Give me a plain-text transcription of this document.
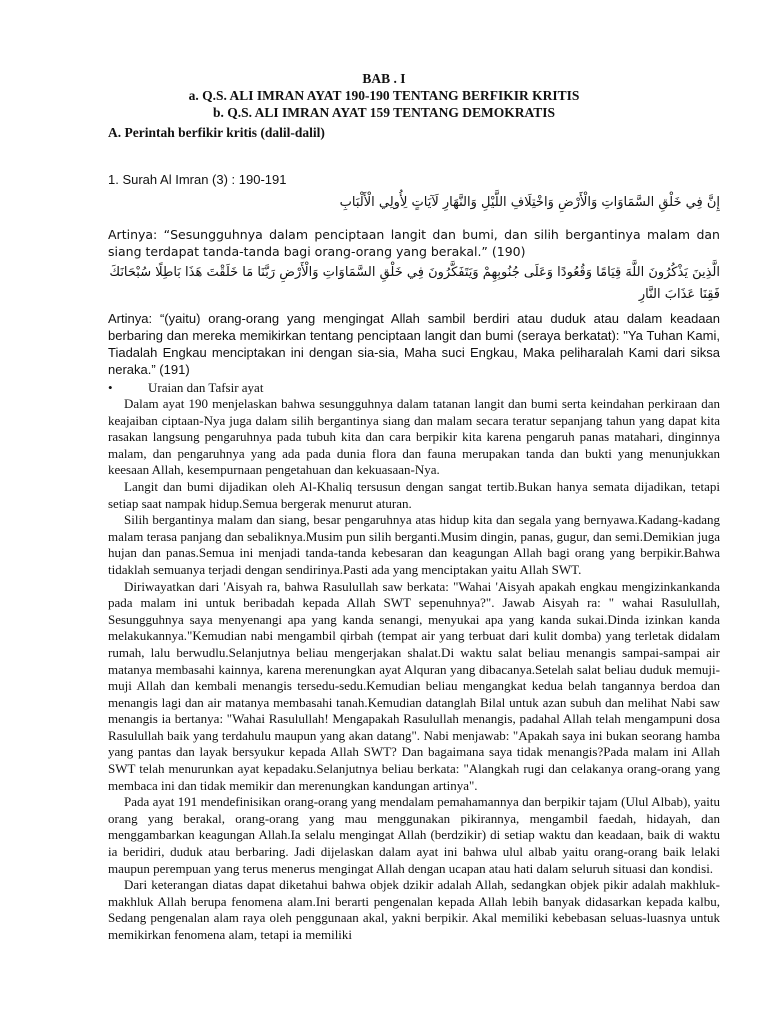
BAB . I
a. Q.S. ALI IMRAN AYAT 190-190 TENTANG BERFIKIR KRITIS
b. Q.S. ALI IMRAN AYAT 159 TENTANG DEMOKRATIS
A. Perintah berfikir kritis (dalil-dalil)
1. Surah Al Imran (3) : 190-191
إِنَّ فِي خَلْقِ السَّمَاوَاتِ وَالْأَرْضِ وَاخْتِلَافِ اللَّيْلِ وَالنَّهَارِ لَآيَاتٍ لِأُولِي الْأَلْبَابِ
Artinya: “Sesungguhnya dalam penciptaan langit dan bumi, dan silih bergantinya malam dan siang terdapat tanda-tanda bagi orang-orang yang berakal.” (190)
الَّذِينَ يَذْكُرُونَ اللَّهَ قِيَامًا وَقُعُودًا وَعَلَى جُنُوبِهِمْ وَيَتَفَكَّرُونَ فِي خَلْقِ السَّمَاوَاتِ وَالْأَرْضِ رَبَّنَا مَا خَلَقْتَ هَذَا بَاطِلًا سُبْحَانَكَ فَقِنَا عَذَابَ النَّارِ
Artinya: “(yaitu) orang-orang yang mengingat Allah sambil berdiri atau duduk atau dalam keadaan berbaring dan mereka memikirkan tentang penciptaan langit dan bumi (seraya berkatat): "Ya Tuhan Kami, Tiadalah Engkau menciptakan ini dengan sia-sia, Maha suci Engkau, Maka peliharalah Kami dari siksa neraka.” (191)
•	Uraian dan Tafsir ayat

Dalam ayat 190 menjelaskan bahwa sesungguhnya dalam tatanan langit dan bumi serta keindahan perkiraan dan keajaiban ciptaan-Nya juga dalam silih bergantinya siang dan malam secara teratur sepanjang tahun yang dapat kita rasakan langsung pengaruhnya pada tubuh kita dan cara berpikir kita karena pengaruh panas matahari, dinginnya malam, dan pengaruhnya yang ada pada dunia flora dan fauna merupakan tanda dan bukti yang menunjukkan keesaan Allah, kesempurnaan pengetahuan dan kekuasaan-Nya.

Langit dan bumi dijadikan oleh Al-Khaliq tersusun dengan sangat tertib.Bukan hanya semata dijadikan, tetapi setiap saat nampak hidup.Semua bergerak menurut aturan.

Silih bergantinya malam dan siang, besar pengaruhnya atas hidup kita dan segala yang bernyawa.Kadang-kadang malam terasa panjang dan sebaliknya.Musim pun silih berganti.Musim dingin, panas, gugur, dan semi.Demikian juga hujan dan panas.Semua ini menjadi tanda-tanda kebesaran dan keagungan Allah bagi orang yang berpikir.Bahwa tidaklah semuanya terjadi dengan sendirinya.Pasti ada yang menciptakan yaitu Allah SWT.

Diriwayatkan dari 'Aisyah ra, bahwa Rasulullah saw berkata: "Wahai 'Aisyah apakah engkau mengizinkankanda pada malam ini untuk beribadah kepada Allah SWT sepenuhnya?". Jawab Aisyah ra: " wahai Rasulullah, Sesungguhnya saya menyenangi apa yang kanda senangi, menyukai apa yang kanda sukai.Dinda izinkan kanda melakukannya."Kemudian nabi mengambil qirbah (tempat air yang terbuat dari kulit domba) yang terletak didalam rumah, lalu berwudlu.Selanjutnya beliau mengerjakan shalat.Di waktu salat beliau menangis sampai-sampai air matanya membasahi kainnya, karena merenungkan ayat Alquran yang dibacanya.Setelah salat beliau duduk memuji-muji Allah dan kembali menangis tersedu-sedu.Kemudian beliau mengangkat kedua belah tangannya berdoa dan menangis lagi dan air matanya membasahi tanah.Kemudian datanglah Bilal untuk azan subuh dan melihat Nabi saw menangis ia bertanya: "Wahai Rasulullah! Mengapakah Rasulullah menangis, padahal Allah telah mengampuni dosa Rasulullah baik yang terdahulu maupun yang akan datang". Nabi menjawab: "Apakah saya ini bukan seorang hamba yang pantas dan layak bersyukur kepada Allah SWT? Dan bagaimana saya tidak menangis?Pada malam ini Allah SWT telah menurunkan ayat kepadaku.Selanjutnya beliau berkata: "Alangkah rugi dan celakanya orang-orang yang membaca ini dan tidak memikir dan merenungkan kandungan artinya".

Pada ayat 191 mendefinisikan orang-orang yang mendalam pemahamannya dan berpikir tajam (Ulul Albab), yaitu orang yang berakal, orang-orang yang mau menggunakan pikirannya, mengambil faedah, hidayah, dan menggambarkan keagungan Allah.Ia selalu mengingat Allah (berdzikir) di setiap waktu dan keadaan, baik di waktu ia beridiri, duduk atau berbaring. Jadi dijelaskan dalam ayat ini bahwa ulul albab yaitu orang-orang baik lelaki maupun perempuan yang terus menerus mengingat Allah dengan ucapan atau hati dalam seluruh situasi dan kondisi.

Dari keterangan diatas dapat diketahui bahwa objek dzikir adalah Allah, sedangkan objek pikir adalah makhluk-makhluk Allah berupa fenomena alam.Ini berarti pengenalan kepada Allah lebih banyak didasarkan kepada kalbu, Sedang pengenalan alam raya oleh penggunaan akal, yakni berpikir. Akal memiliki kebebasan seluas-luasnya untuk memikirkan fenomena alam, tetapi ia memiliki
